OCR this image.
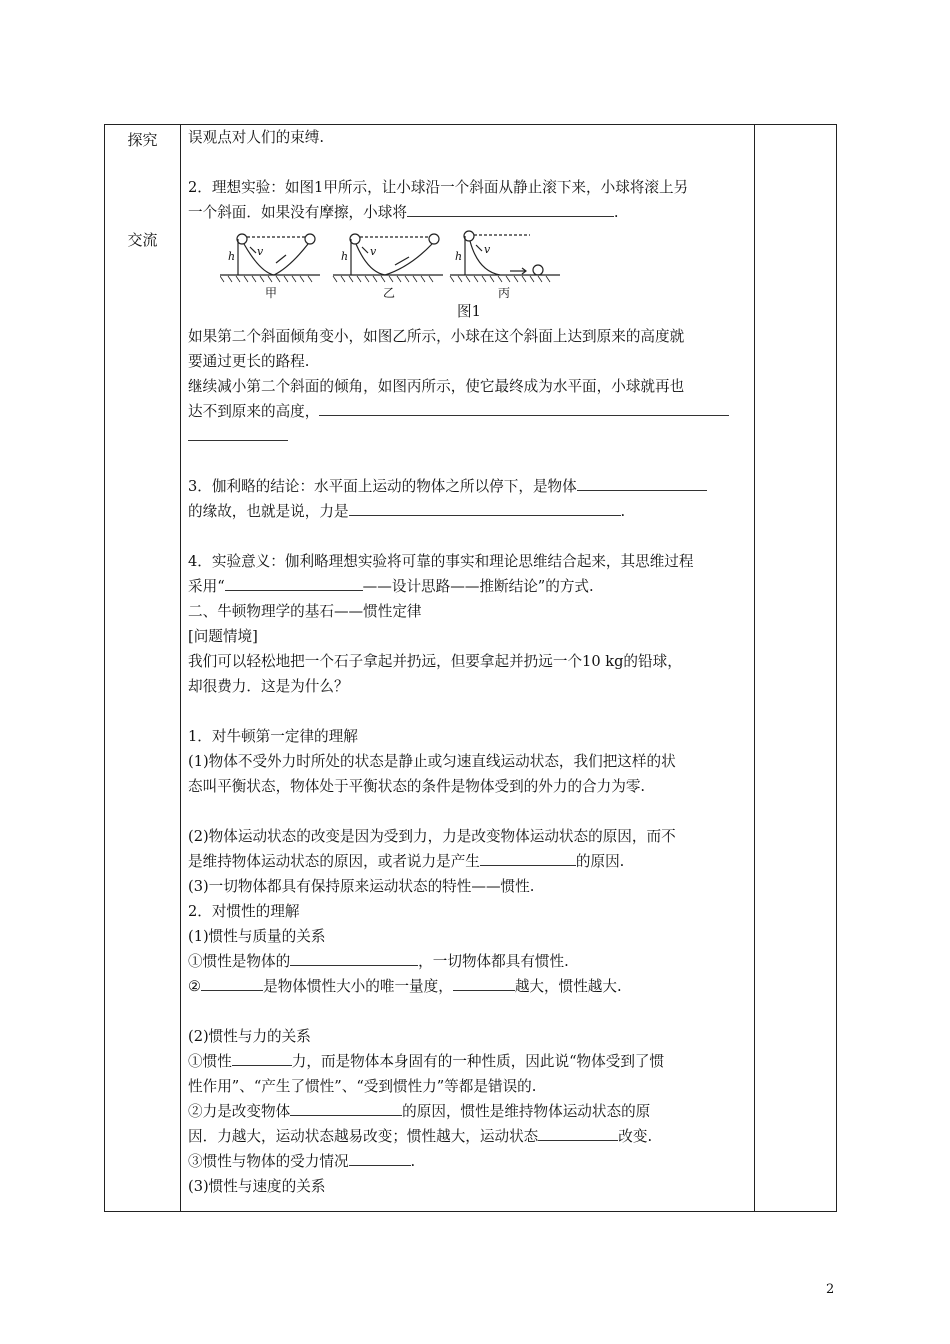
探究
交流

误观点对人们的束缚.

2．理想实验：如图1甲所示，让小球沿一个斜面从静止滚下来，小球将滚上另

一个斜面．如果没有摩擦，小球将	.

h v	h v	h
v
甲	乙	丙

图1

如果第二个斜面倾角变小，如图乙所示，小球在这个斜面上达到原来的高度就

要通过更长的路程.

继续减小第二个斜面的倾角，如图丙所示，使它最终成为水平面，小球就再也

达不到原来的高度，

3．伽利略的结论：水平面上运动的物体之所以停下，是物体

的缘故，也就是说，力是	.

4．实验意义：伽利略理想实验将可靠的事实和理论思维结合起来，其思维过程

采用“	——设计思路——推断结论”的方式.

二、牛顿物理学的基石——惯性定律

[问题情境]

我们可以轻松地把一个石子拿起并扔远，但要拿起并扔远一个10 kg的铅球，

却很费力．这是为什么？

1．对牛顿第一定律的理解

(1)物体不受外力时所处的状态是静止或匀速直线运动状态，我们把这样的状

态叫平衡状态，物体处于平衡状态的条件是物体受到的外力的合力为零.

(2)物体运动状态的改变是因为受到力，力是改变物体运动状态的原因，而不

是维持物体运动状态的原因，或者说力是产生	的原因.

(3)一切物体都具有保持原来运动状态的特性——惯性.

2．对惯性的理解

(1)惯性与质量的关系

①惯性是物体的	，一切物体都具有惯性.

②	是物体惯性大小的唯一量度，	越大，惯性越大.

(2)惯性与力的关系

①惯性	力，而是物体本身固有的一种性质，因此说“物体受到了惯

性作用”、“产生了惯性”、“受到惯性力”等都是错误的.

②力是改变物体	的原因，惯性是维持物体运动状态的原

因．力越大，运动状态越易改变；惯性越大，运动状态	改变.

③惯性与物体的受力情况	.

(3)惯性与速度的关系

2
